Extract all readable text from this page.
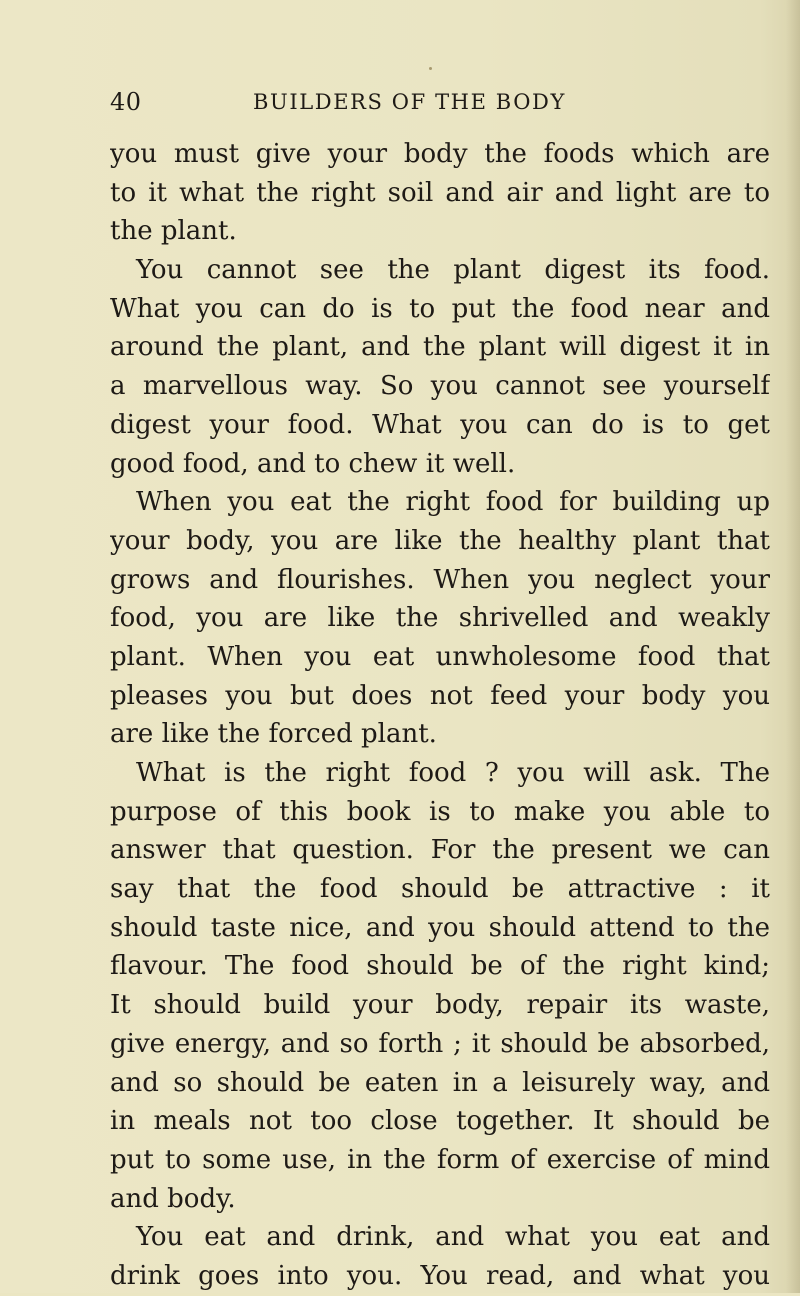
40	BUILDERS OF THE BODY
you must give your body the foods which are
to it what the right soil and air and light are to
the plant.
You cannot see the plant digest its food.
What you can do is to put the food near and
around the plant, and the plant will digest it in
a marvellous way. So you cannot see yourself
digest your food. What you can do is to get
good food, and to chew it well.
When you eat the right food for building up
your body, you are like the healthy plant that
grows and flourishes. When you neglect your
food, you are like the shrivelled and weakly
plant. When you eat unwholesome food that
pleases you but does not feed your body you
are like the forced plant.
What is the right food ? you will ask. The
purpose of this book is to make you able to
answer that question. For the present we can
say that the food should be attractive : it
should taste nice, and you should attend to the
flavour. The food should be of the right kind;
It should build your body, repair its waste,
give energy, and so forth ; it should be absorbed,
and so should be eaten in a leisurely way, and
in meals not too close together. It should be
put to some use, in the form of exercise of mind
and body.
You eat and drink, and what you eat and
drink goes into you. You read, and what you
